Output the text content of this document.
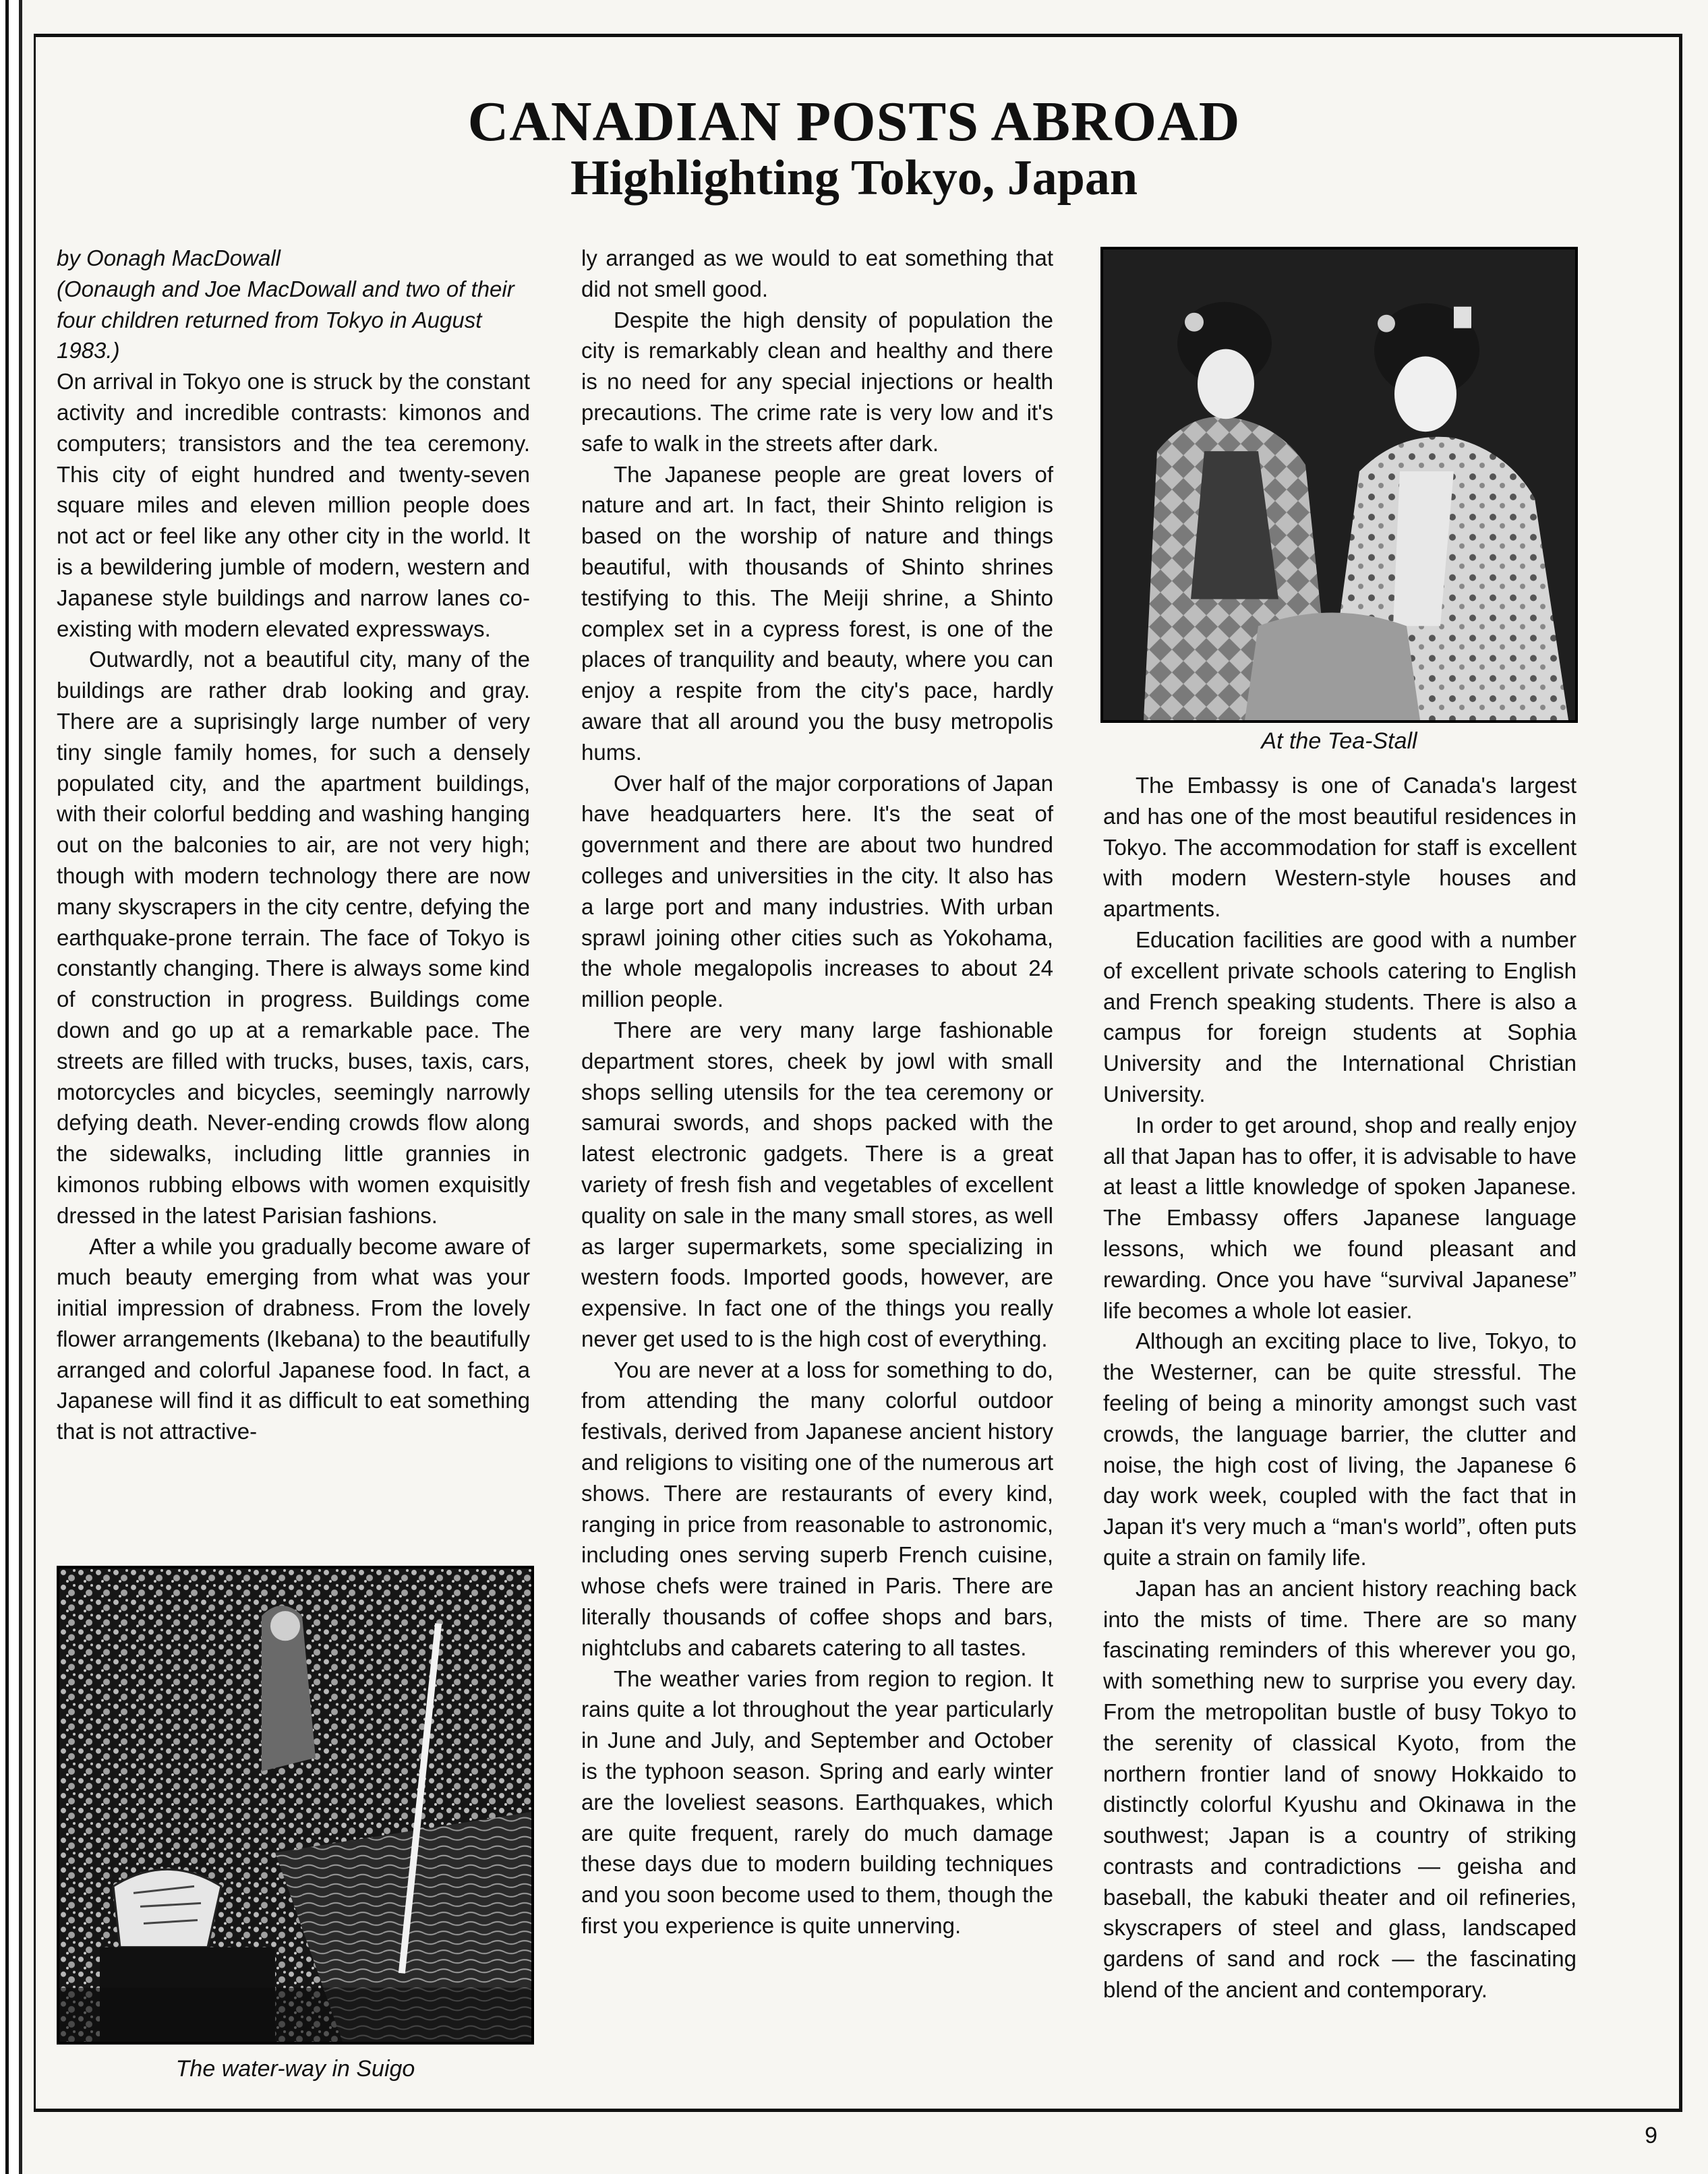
CANADIAN POSTS ABROAD
Highlighting Tokyo, Japan

by Oonagh MacDowall

(Oonaugh and Joe MacDowall and two of their four children returned from Tokyo in August 1983.)

On arrival in Tokyo one is struck by the constant activity and incredible contrasts: kimonos and computers; transistors and the tea ceremony. This city of eight hundred and twenty-seven square miles and eleven million people does not act or feel like any other city in the world. It is a bewildering jumble of modern, western and Japanese style buildings and narrow lanes co-existing with modern elevated expressways.

Outwardly, not a beautiful city, many of the buildings are rather drab looking and gray. There are a suprisingly large number of very tiny single family homes, for such a densely populated city, and the apartment buildings, with their colorful bedding and washing hanging out on the balconies to air, are not very high; though with modern technology there are now many skyscrapers in the city centre, defying the earthquake-prone terrain. The face of Tokyo is constantly changing. There is always some kind of construction in progress. Buildings come down and go up at a remarkable pace. The streets are filled with trucks, buses, taxis, cars, motorcycles and bicycles, seemingly narrowly defying death. Never-ending crowds flow along the sidewalks, including little grannies in kimonos rubbing elbows with women exquisitly dressed in the latest Parisian fashions.

After a while you gradually become aware of much beauty emerging from what was your initial impression of drabness. From the lovely flower arrangements (Ikebana) to the beautifully arranged and colorful Japanese food. In fact, a Japanese will find it as difficult to eat something that is not attractive-

The water-way in Suigo

ly arranged as we would to eat something that did not smell good.

Despite the high density of population the city is remarkably clean and healthy and there is no need for any special injections or health precautions. The crime rate is very low and it's safe to walk in the streets after dark.

The Japanese people are great lovers of nature and art. In fact, their Shinto religion is based on the worship of nature and things beautiful, with thousands of Shinto shrines testifying to this. The Meiji shrine, a Shinto complex set in a cypress forest, is one of the places of tranquility and beauty, where you can enjoy a respite from the city's pace, hardly aware that all around you the busy metropolis hums.

Over half of the major corporations of Japan have headquarters here. It's the seat of government and there are about two hundred colleges and universities in the city. It also has a large port and many industries. With urban sprawl joining other cities such as Yokohama, the whole megalopolis increases to about 24 million people.

There are very many large fashionable department stores, cheek by jowl with small shops selling utensils for the tea ceremony or samurai swords, and shops packed with the latest electronic gadgets. There is a great variety of fresh fish and vegetables of excellent quality on sale in the many small stores, as well as larger supermarkets, some specializing in western foods. Imported goods, however, are expensive. In fact one of the things you really never get used to is the high cost of everything.

You are never at a loss for something to do, from attending the many colorful outdoor festivals, derived from Japanese ancient history and religions to visiting one of the numerous art shows. There are restaurants of every kind, ranging in price from reasonable to astronomic, including ones serving superb French cuisine, whose chefs were trained in Paris. There are literally thousands of coffee shops and bars, nightclubs and cabarets catering to all tastes.

The weather varies from region to region. It rains quite a lot throughout the year particularly in June and July, and September and October is the typhoon season. Spring and early winter are the loveliest seasons. Earthquakes, which are quite frequent, rarely do much damage these days due to modern building techniques and you soon become used to them, though the first you experience is quite unnerving.

At the Tea-Stall

The Embassy is one of Canada's largest and has one of the most beautiful residences in Tokyo. The accommodation for staff is excellent with modern Western-style houses and apartments.

Education facilities are good with a number of excellent private schools catering to English and French speaking students. There is also a campus for foreign students at Sophia University and the International Christian University.

In order to get around, shop and really enjoy all that Japan has to offer, it is advisable to have at least a little knowledge of spoken Japanese. The Embassy offers Japanese language lessons, which we found pleasant and rewarding. Once you have “survival Japanese” life becomes a whole lot easier.

Although an exciting place to live, Tokyo, to the Westerner, can be quite stressful. The feeling of being a minority amongst such vast crowds, the language barrier, the clutter and noise, the high cost of living, the Japanese 6 day work week, coupled with the fact that in Japan it's very much a “man's world”, often puts quite a strain on family life.

Japan has an ancient history reaching back into the mists of time. There are so many fascinating reminders of this wherever you go, with something new to surprise you every day. From the metropolitan bustle of busy Tokyo to the serenity of classical Kyoto, from the northern frontier land of snowy Hokkaido to distinctly colorful Kyushu and Okinawa in the southwest; Japan is a country of striking contrasts and contradictions — geisha and baseball, the kabuki theater and oil refineries, skyscrapers of steel and glass, landscaped gardens of sand and rock — the fascinating blend of the ancient and contemporary.

9
